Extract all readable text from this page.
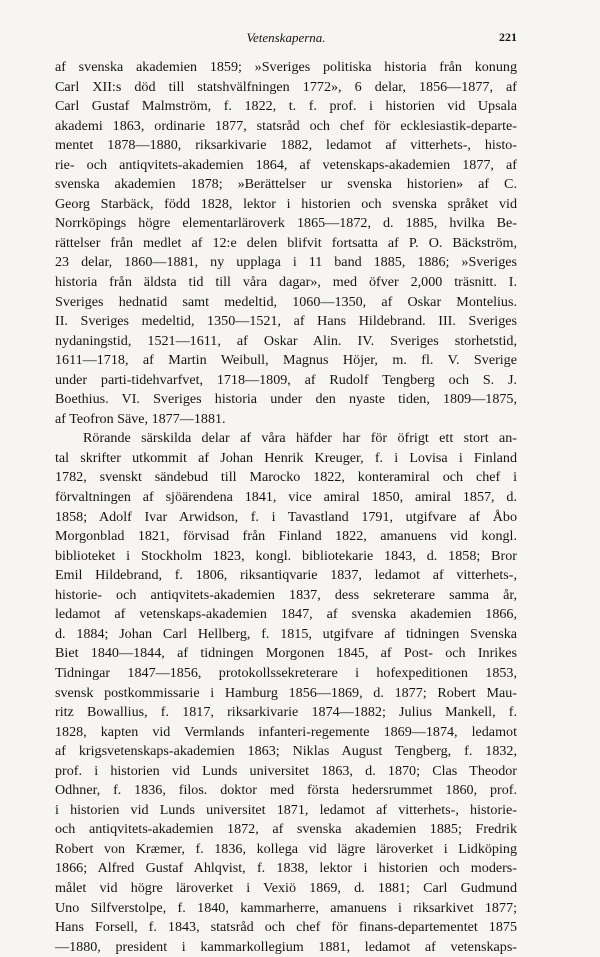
Vetenskaperna.	221
af svenska akademien 1859; »Sveriges politiska historia från konung
Carl XII:s död till statshvälfningen 1772», 6 delar, 1856—1877, af
Carl Gustaf Malmström, f. 1822, t. f. prof. i historien vid Upsala
akademi 1863, ordinarie 1877, statsråd och chef för ecklesiastik-departe-
mentet 1878—1880, riksarkivarie 1882, ledamot af vitterhets-, histo-
rie- och antiqvitets-akademien 1864, af vetenskaps-akademien 1877, af
svenska akademien 1878; »Berättelser ur svenska historien» af C.
Georg Starbäck, född 1828, lektor i historien och svenska språket vid
Norrköpings högre elementarläroverk 1865—1872, d. 1885, hvilka Be-
rättelser från medlet af 12:e delen blifvit fortsatta af P. O. Bäckström,
23 delar, 1860—1881, ny upplaga i 11 band 1885, 1886; »Sveriges
historia från äldsta tid till våra dagar», med öfver 2,000 träsnitt. I.
Sveriges hednatid samt medeltid, 1060—1350, af Oskar Montelius.
II. Sveriges medeltid, 1350—1521, af Hans Hildebrand. III. Sveriges
nydaningstid, 1521—1611, af Oskar Alin. IV. Sveriges storhetstid,
1611—1718, af Martin Weibull, Magnus Höjer, m. fl. V. Sverige
under parti-tidehvarfvet, 1718—1809, af Rudolf Tengberg och S. J.
Boethius. VI. Sveriges historia under den nyaste tiden, 1809—1875,
af Teofron Säve, 1877—1881.
Rörande särskilda delar af våra häfder har för öfrigt ett stort an-
tal skrifter utkommit af Johan Henrik Kreuger, f. i Lovisa i Finland
1782, svenskt sändebud till Marocko 1822, konteramiral och chef i
förvaltningen af sjöärendena 1841, vice amiral 1850, amiral 1857, d.
1858; Adolf Ivar Arwidson, f. i Tavastland 1791, utgifvare af Åbo
Morgonblad 1821, förvisad från Finland 1822, amanuens vid kongl.
biblioteket i Stockholm 1823, kongl. bibliotekarie 1843, d. 1858; Bror
Emil Hildebrand, f. 1806, riksantiqvarie 1837, ledamot af vitterhets-,
historie- och antiqvitets-akademien 1837, dess sekreterare samma år,
ledamot af vetenskaps-akademien 1847, af svenska akademien 1866,
d. 1884; Johan Carl Hellberg, f. 1815, utgifvare af tidningen Svenska
Biet 1840—1844, af tidningen Morgonen 1845, af Post- och Inrikes
Tidningar 1847—1856, protokollssekreterare i hofexpeditionen 1853,
svensk postkommissarie i Hamburg 1856—1869, d. 1877; Robert Mau-
ritz Bowallius, f. 1817, riksarkivarie 1874—1882; Julius Mankell, f.
1828, kapten vid Vermlands infanteri-regemente 1869—1874, ledamot
af krigsvetenskaps-akademien 1863; Niklas August Tengberg, f. 1832,
prof. i historien vid Lunds universitet 1863, d. 1870; Clas Theodor
Odhner, f. 1836, filos. doktor med första hedersrummet 1860, prof.
i historien vid Lunds universitet 1871, ledamot af vitterhets-, historie-
och antiqvitets-akademien 1872, af svenska akademien 1885; Fredrik
Robert von Kræmer, f. 1836, kollega vid lägre läroverket i Lidköping
1866; Alfred Gustaf Ahlqvist, f. 1838, lektor i historien och moders-
målet vid högre läroverket i Vexiö 1869, d. 1881; Carl Gudmund
Uno Silfverstolpe, f. 1840, kammarherre, amanuens i riksarkivet 1877;
Hans Forsell, f. 1843, statsråd och chef för finans-departementet 1875
—1880, president i kammarkollegium 1881, ledamot af vetenskaps-
